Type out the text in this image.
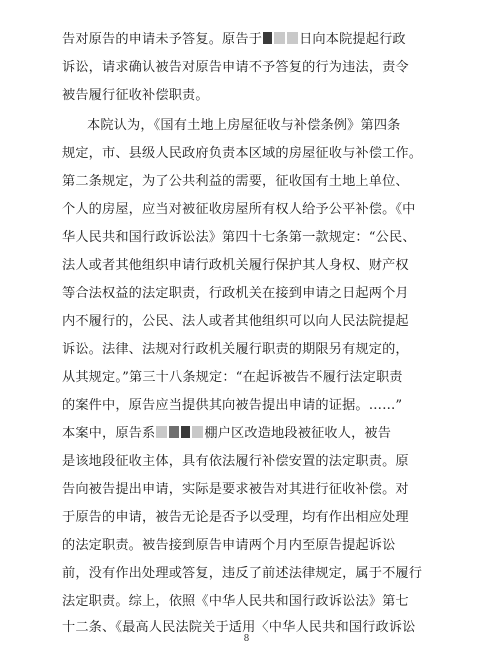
告对原告的申请未予答复。原告于	日向本院提起行政
诉讼，请求确认被告对原告申请不予答复的行为违法，责令
被告履行征收补偿职责。
本院认为，《国有土地上房屋征收与补偿条例》第四条
规定，市、县级人民政府负责本区域的房屋征收与补偿工作。
第二条规定，为了公共利益的需要，征收国有土地上单位、
个人的房屋，应当对被征收房屋所有权人给予公平补偿。《中
华人民共和国行政诉讼法》第四十七条第一款规定：“公民、
法人或者其他组织申请行政机关履行保护其人身权、财产权
等合法权益的法定职责，行政机关在接到申请之日起两个月
内不履行的，公民、法人或者其他组织可以向人民法院提起
诉讼。法律、法规对行政机关履行职责的期限另有规定的，
从其规定。”第三十八条规定：“在起诉被告不履行法定职责
的案件中，原告应当提供其向被告提出申请的证据。……”
本案中，原告系	棚户区改造地段被征收人，被告
是该地段征收主体，具有依法履行补偿安置的法定职责。原
告向被告提出申请，实际是要求被告对其进行征收补偿。对
于原告的申请，被告无论是否予以受理，均有作出相应处理
的法定职责。被告接到原告申请两个月内至原告提起诉讼
前，没有作出处理或答复，违反了前述法律规定，属于不履行
法定职责。综上，依照《中华人民共和国行政诉讼法》第七
十二条、《最高人民法院关于适用〈中华人民共和国行政诉讼
8
